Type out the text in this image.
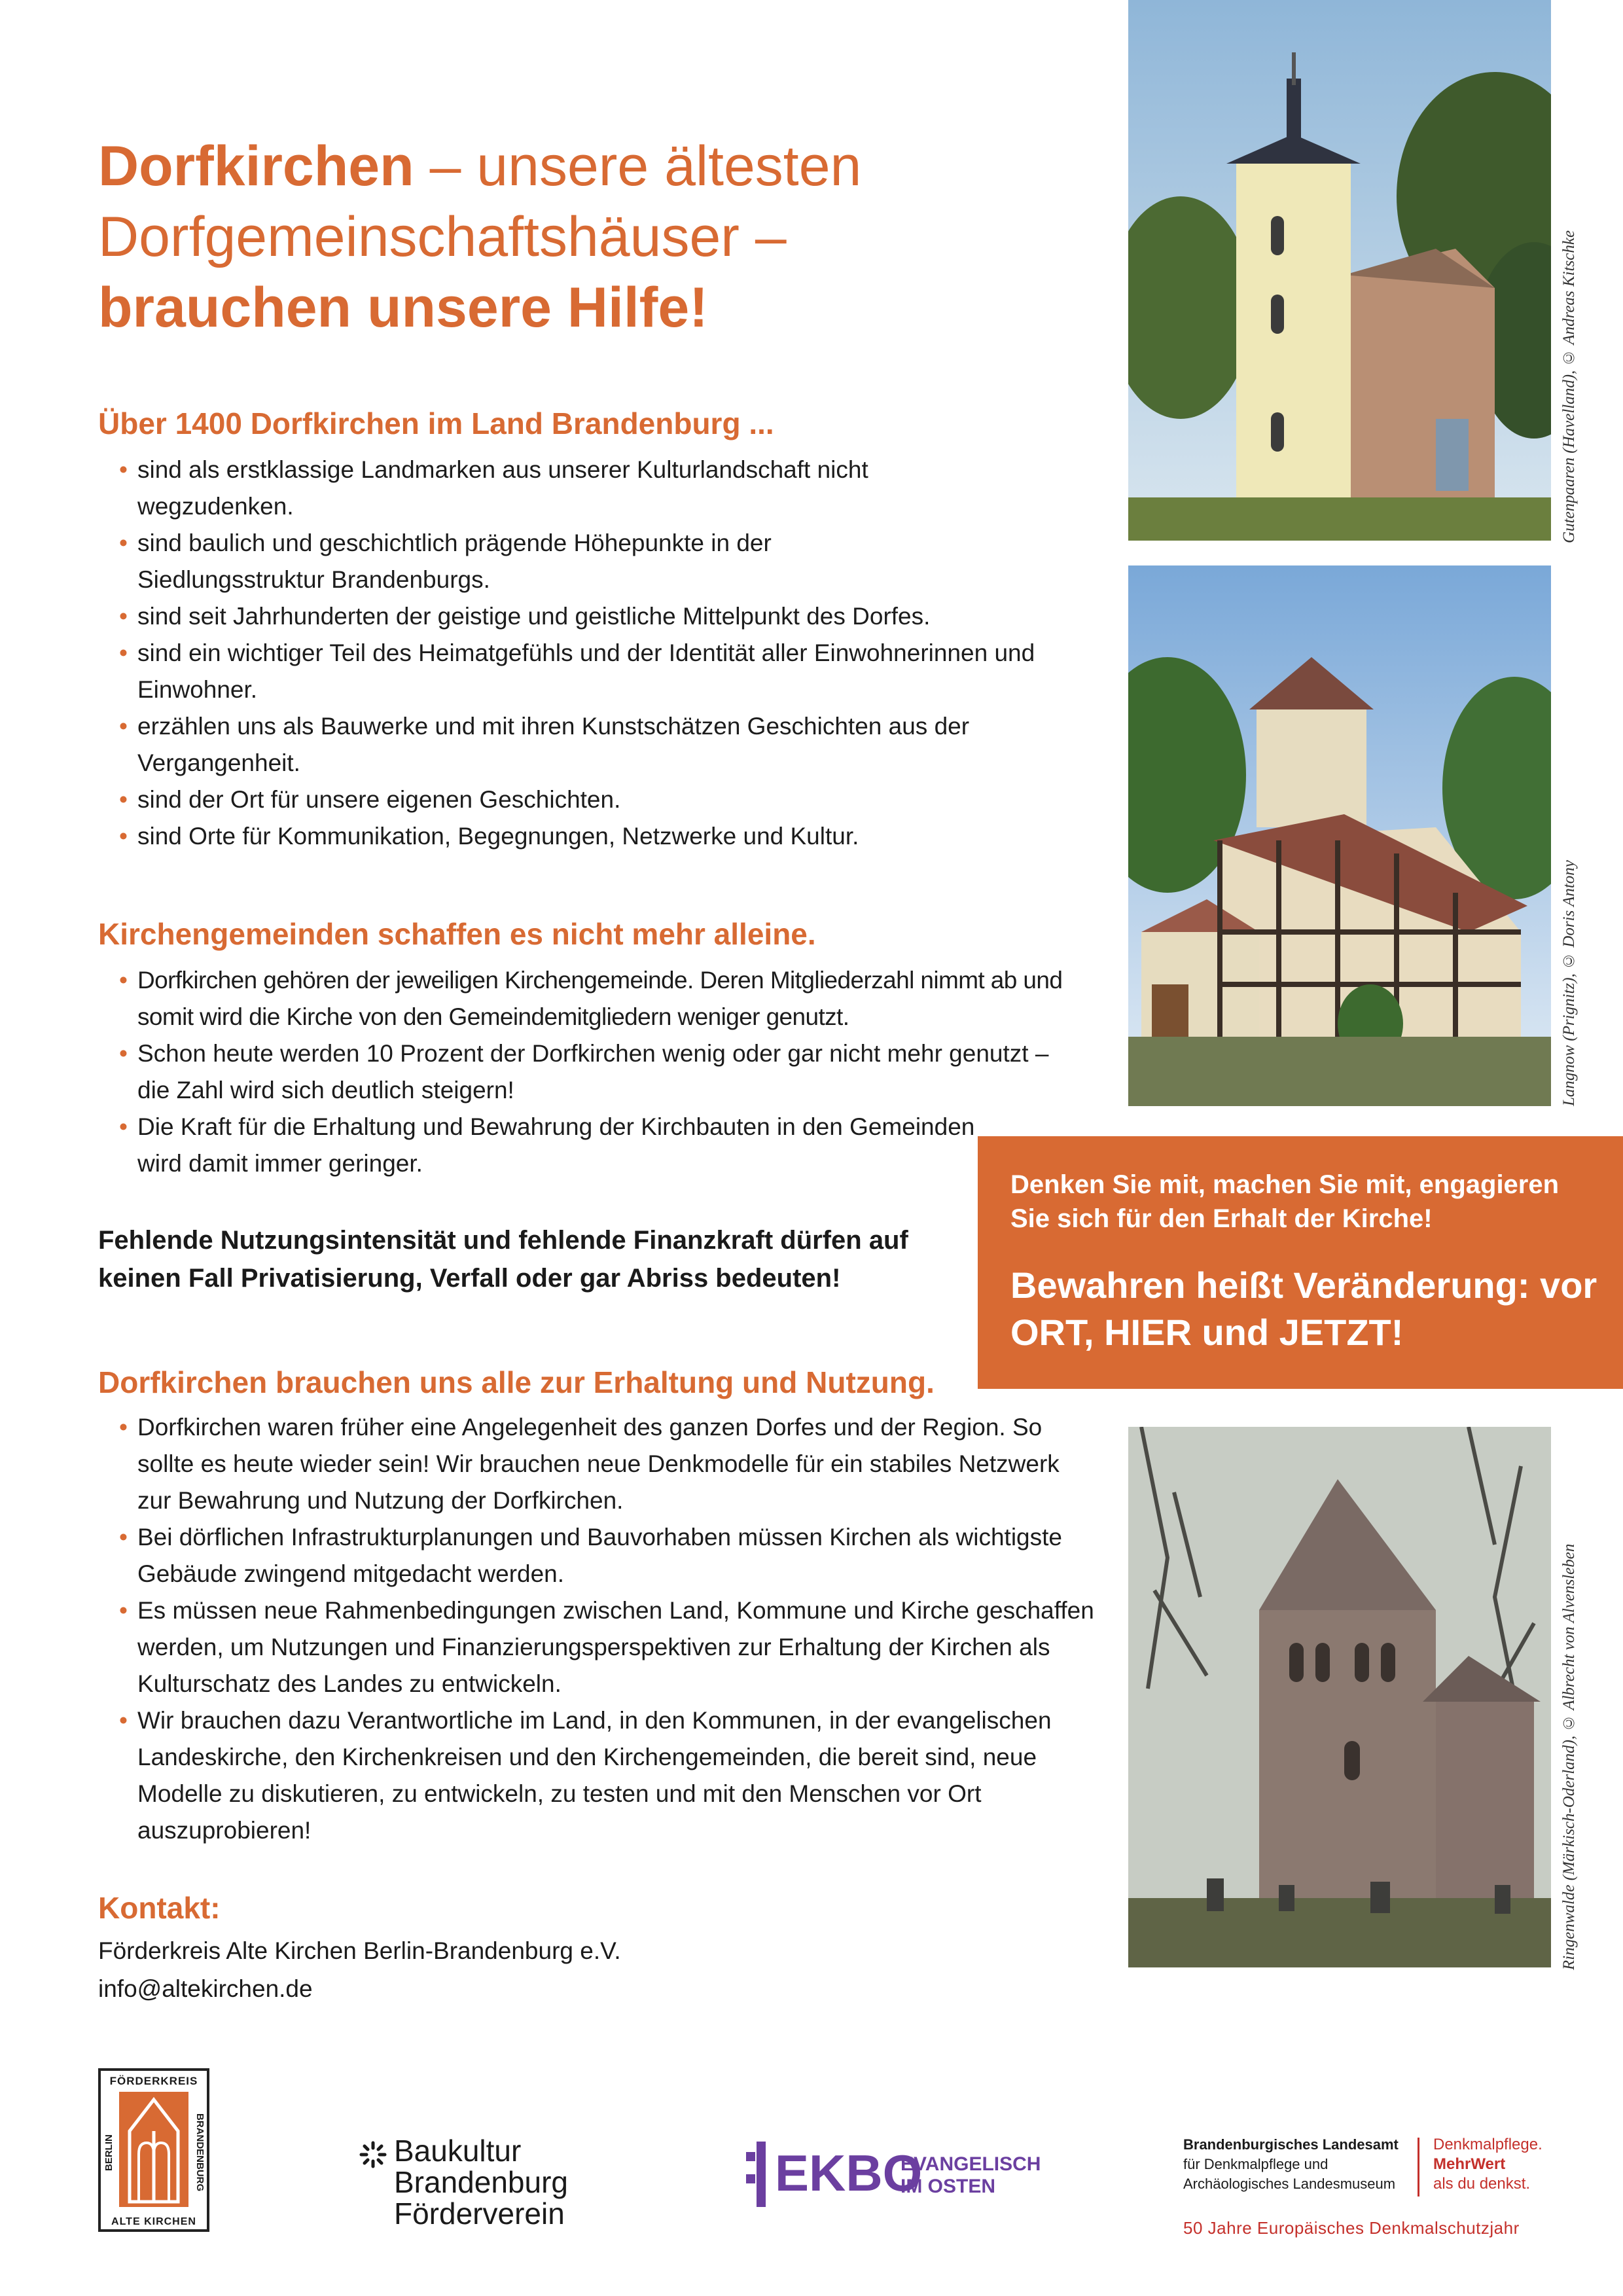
Dorfkirchen – unsere ältesten
Dorfgemeinschaftshäuser –
brauchen unsere Hilfe!
Über 1400 Dorfkirchen im Land Brandenburg ...
• sind als erstklassige Landmarken aus unserer Kulturlandschaft nicht wegzudenken.
• sind baulich und geschichtlich prägende Höhepunkte in der Siedlungsstruktur Brandenburgs.
• sind seit Jahrhunderten der geistige und geistliche Mittelpunkt des Dorfes.
• sind ein wichtiger Teil des Heimatgefühls und der Identität aller Einwohnerinnen und Einwohner.
• erzählen uns als Bauwerke und mit ihren Kunstschätzen Geschichten aus der Vergangenheit.
• sind der Ort für unsere eigenen Geschichten.
• sind Orte für Kommunikation, Begegnungen, Netzwerke und Kultur.
Kirchengemeinden schaffen es nicht mehr alleine.
• Dorfkirchen gehören der jeweiligen Kirchengemeinde. Deren Mitgliederzahl nimmt ab und somit wird die Kirche von den Gemeindemitgliedern weniger genutzt.
• Schon heute werden 10 Prozent der Dorfkirchen wenig oder gar nicht mehr genutzt – die Zahl wird sich deutlich steigern!
• Die Kraft für die Erhaltung und Bewahrung der Kirchbauten in den Gemeinden wird damit immer geringer.
Fehlende Nutzungsintensität und fehlende Finanzkraft dürfen auf keinen Fall Privatisierung, Verfall oder gar Abriss bedeuten!
Dorfkirchen brauchen uns alle zur Erhaltung und Nutzung.
• Dorfkirchen waren früher eine Angelegenheit des ganzen Dorfes und der Region. So sollte es heute wieder sein! Wir brauchen neue Denkmodelle für ein stabiles Netzwerk zur Bewahrung und Nutzung der Dorfkirchen.
• Bei dörflichen Infrastrukturplanungen und Bauvorhaben müssen Kirchen als wichtigste Gebäude zwingend mitgedacht werden.
• Es müssen neue Rahmenbedingungen zwischen Land, Kommune und Kirche geschaffen werden, um Nutzungen und Finanzierungsperspektiven zur Erhaltung der Kirchen als Kulturschatz des Landes zu entwickeln.
• Wir brauchen dazu Verantwortliche im Land, in den Kommunen, in der evangelischen Landeskirche, den Kirchenkreisen und den Kirchengemeinden, die bereit sind, neue Modelle zu diskutieren, zu entwickeln, zu testen und mit den Menschen vor Ort auszuprobieren!
Kontakt:
Förderkreis Alte Kirchen Berlin-Brandenburg e.V.
info@altekirchen.de
Gutenpaaren (Havelland), © Andreas Kitschke
Langnow (Prignitz), © Doris Antony
Denken Sie mit, machen Sie mit, engagieren Sie sich für den Erhalt der Kirche!
Bewahren heißt Veränderung: vor ORT, HIER und JETZT!
Ringenwalde (Märkisch-Oderland), © Albrecht von Alvensleben
FÖRDERKREIS
BERLIN	BRANDENBURG
ALTE KIRCHEN
Baukultur
Brandenburg
Förderverein
EKBO
EVANGELISCH
IM OSTEN
Brandenburgisches Landesamt
für Denkmalpflege und
Archäologisches Landesmuseum
Denkmalpflege.
MehrWert
als du denkst.
50 Jahre Europäisches Denkmalschutzjahr
